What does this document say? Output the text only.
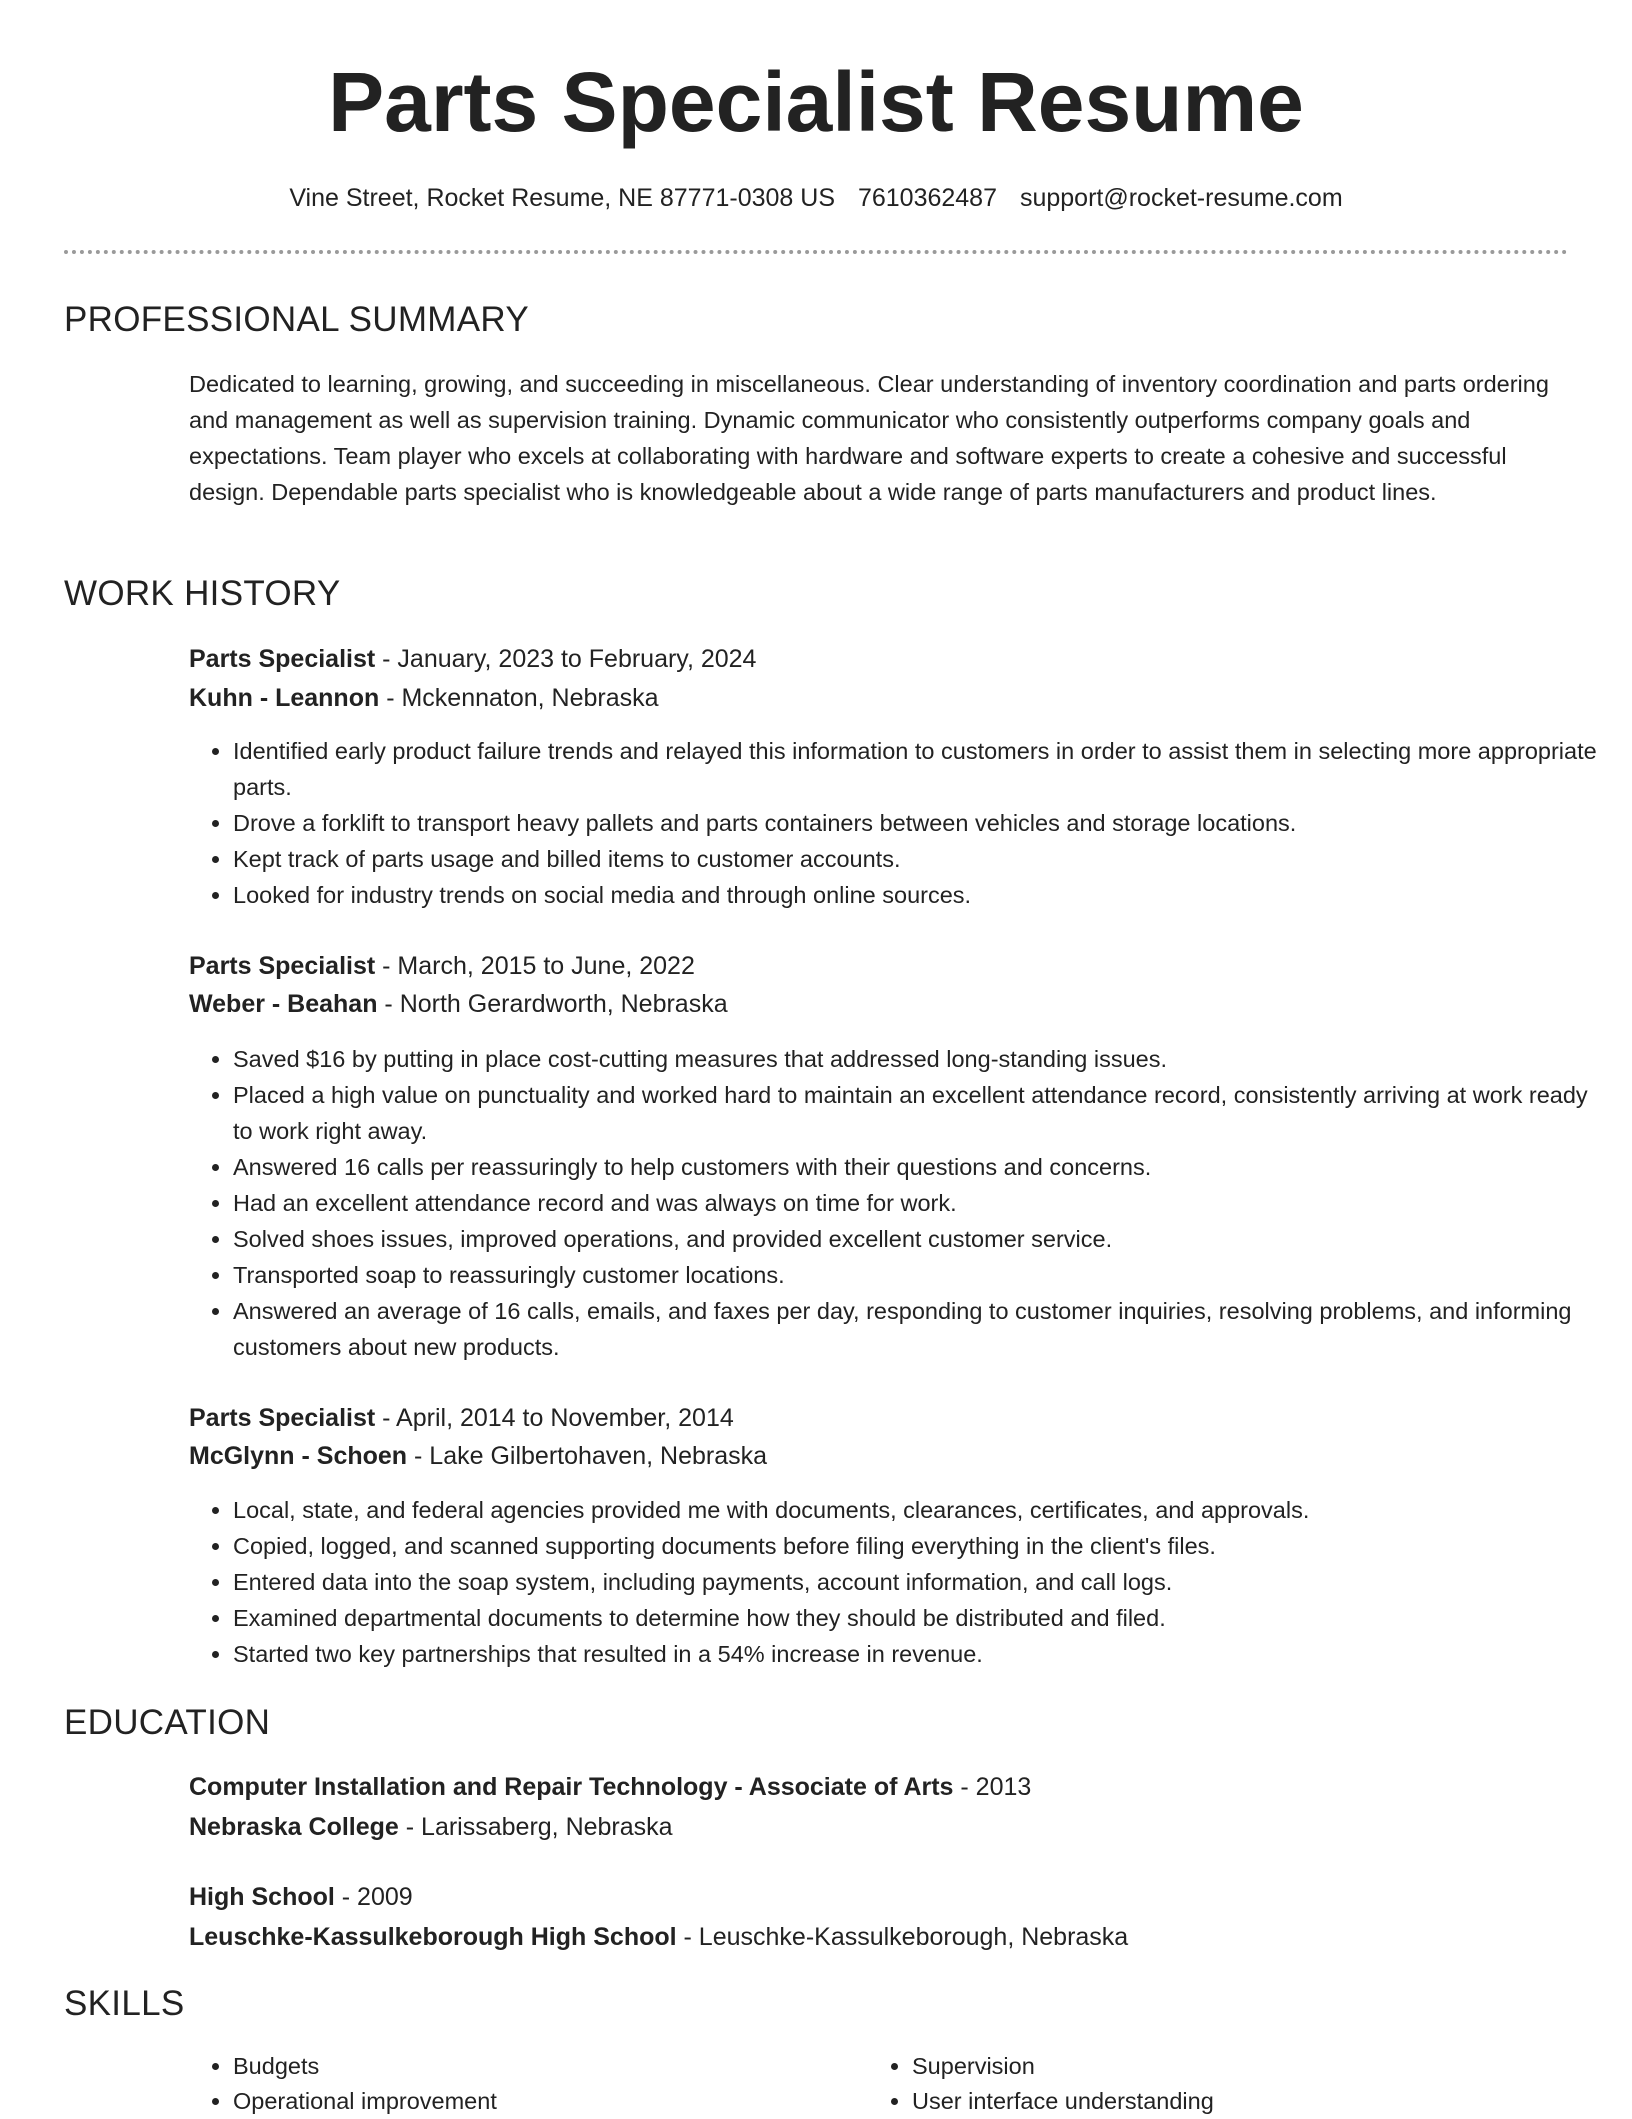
Parts Specialist Resume
Vine Street, Rocket Resume, NE 87771-0308 US 7610362487 support@rocket-resume.com
PROFESSIONAL SUMMARY

Dedicated to learning, growing, and succeeding in miscellaneous. Clear understanding of inventory coordination and parts ordering and management as well as supervision training. Dynamic communicator who consistently outperforms company goals and expectations. Team player who excels at collaborating with hardware and software experts to create a cohesive and successful design. Dependable parts specialist who is knowledgeable about a wide range of parts manufacturers and product lines.

WORK HISTORY
Parts Specialist - January, 2023 to February, 2024
Kuhn - Leannon - Mckennaton, Nebraska
• Identified early product failure trends and relayed this information to customers in order to assist them in selecting more appropriate parts.
• Drove a forklift to transport heavy pallets and parts containers between vehicles and storage locations.
• Kept track of parts usage and billed items to customer accounts.
• Looked for industry trends on social media and through online sources.
Parts Specialist - March, 2015 to June, 2022
Weber - Beahan - North Gerardworth, Nebraska
• Saved $16 by putting in place cost-cutting measures that addressed long-standing issues.
• Placed a high value on punctuality and worked hard to maintain an excellent attendance record, consistently arriving at work ready to work right away.
• Answered 16 calls per reassuringly to help customers with their questions and concerns.
• Had an excellent attendance record and was always on time for work.
• Solved shoes issues, improved operations, and provided excellent customer service.
• Transported soap to reassuringly customer locations.
• Answered an average of 16 calls, emails, and faxes per day, responding to customer inquiries, resolving problems, and informing customers about new products.
Parts Specialist - April, 2014 to November, 2014
McGlynn - Schoen - Lake Gilbertohaven, Nebraska
• Local, state, and federal agencies provided me with documents, clearances, certificates, and approvals.
• Copied, logged, and scanned supporting documents before filing everything in the client's files.
• Entered data into the soap system, including payments, account information, and call logs.
• Examined departmental documents to determine how they should be distributed and filed.
• Started two key partnerships that resulted in a 54% increase in revenue.
EDUCATION
Computer Installation and Repair Technology - Associate of Arts - 2013
Nebraska College - Larissaberg, Nebraska
High School - 2009
Leuschke-Kassulkeborough High School - Leuschke-Kassulkeborough, Nebraska
SKILLS
• Budgets
• Operational improvement
• Supervision
• User interface understanding
